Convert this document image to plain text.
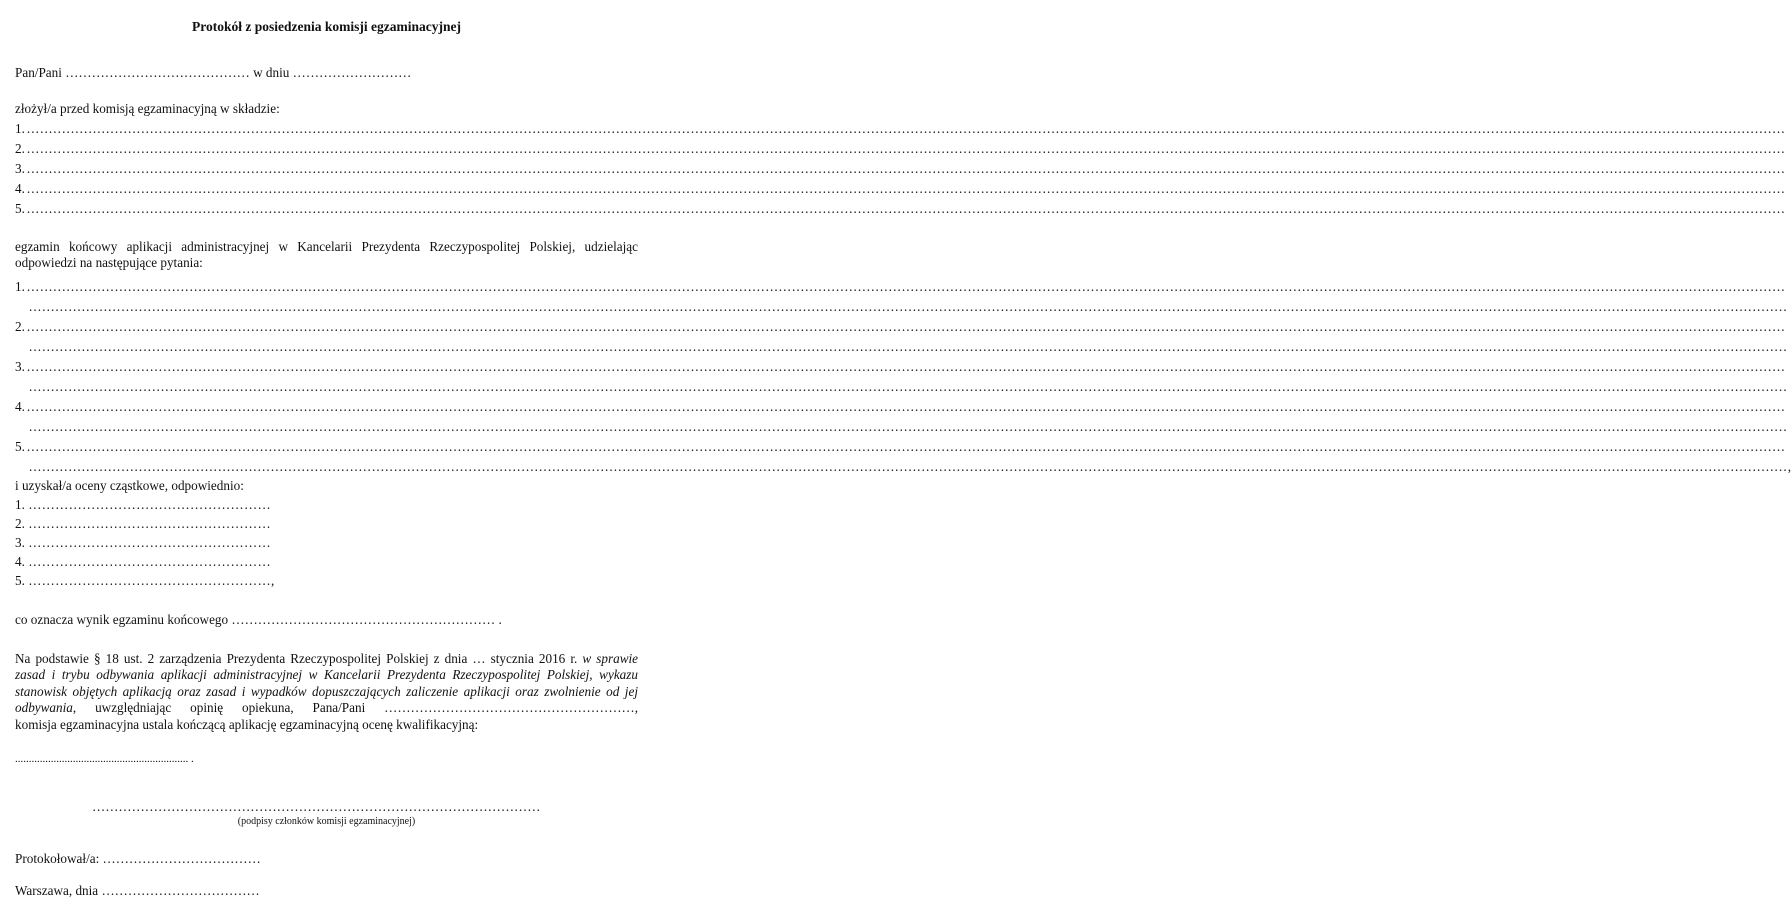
Protokół z posiedzenia komisji egzaminacyjnej
Pan/Pani …………………………………… w dniu ………………………
złożył/a przed komisją egzaminacyjną w składzie:
1. ................................................................................................................................................................................................................................................................................................................................................................................................................
2. ................................................................................................................................................................................................................................................................................................................................................................................................................
3. ................................................................................................................................................................................................................................................................................................................................................................................................................
4. ................................................................................................................................................................................................................................................................................................................................................................................................................
5. ................................................................................................................................................................................................................................................................................................................................................................................................................
egzamin końcowy aplikacji administracyjnej w Kancelarii Prezydenta Rzeczypospolitej Polskiej, udzielając
odpowiedzi na następujące pytania:
1. ................................................................................................................................................................................................................................................................................................................................................................................................................
................................................................................................................................................................................................................................................................................................................................................................................................................
2. ................................................................................................................................................................................................................................................................................................................................................................................................................
................................................................................................................................................................................................................................................................................................................................................................................................................
3. ................................................................................................................................................................................................................................................................................................................................................................................................................
................................................................................................................................................................................................................................................................................................................................................................................................................
4. ................................................................................................................................................................................................................................................................................................................................................................................................................
................................................................................................................................................................................................................................................................................................................................................................................................................
5. ................................................................................................................................................................................................................................................................................................................................................................................................................
................................................................................................................................................................................................................................................................................................................................................................................................................ ,
i uzyskał/a oceny cząstkowe, odpowiednio:
1. ………………………………………………
2. ………………………………………………
3. ………………………………………………
4. ………………………………………………
5. ………………………………………………,
co oznacza wynik egzaminu końcowego …………………………………………………… .
Na podstawie § 18 ust. 2 zarządzenia Prezydenta Rzeczypospolitej Polskiej z dnia … stycznia 2016 r. w sprawie
zasad i trybu odbywania aplikacji administracyjnej w Kancelarii Prezydenta Rzeczypospolitej Polskiej, wykazu
stanowisk objętych aplikacją oraz zasad i wypadków dopuszczających zaliczenie aplikacji oraz zwolnienie od jej
odbywania, uwzględniając opinię opiekuna, Pana/Pani …………………………………………………,
komisja egzaminacyjna ustala kończącą aplikację egzaminacyjną ocenę kwalifikacyjną:
............................................................... .
…………………………………………………………………………………………
(podpisy członków komisji egzaminacyjnej)
Protokołował/a: ………………………………
Warszawa, dnia ………………………………
